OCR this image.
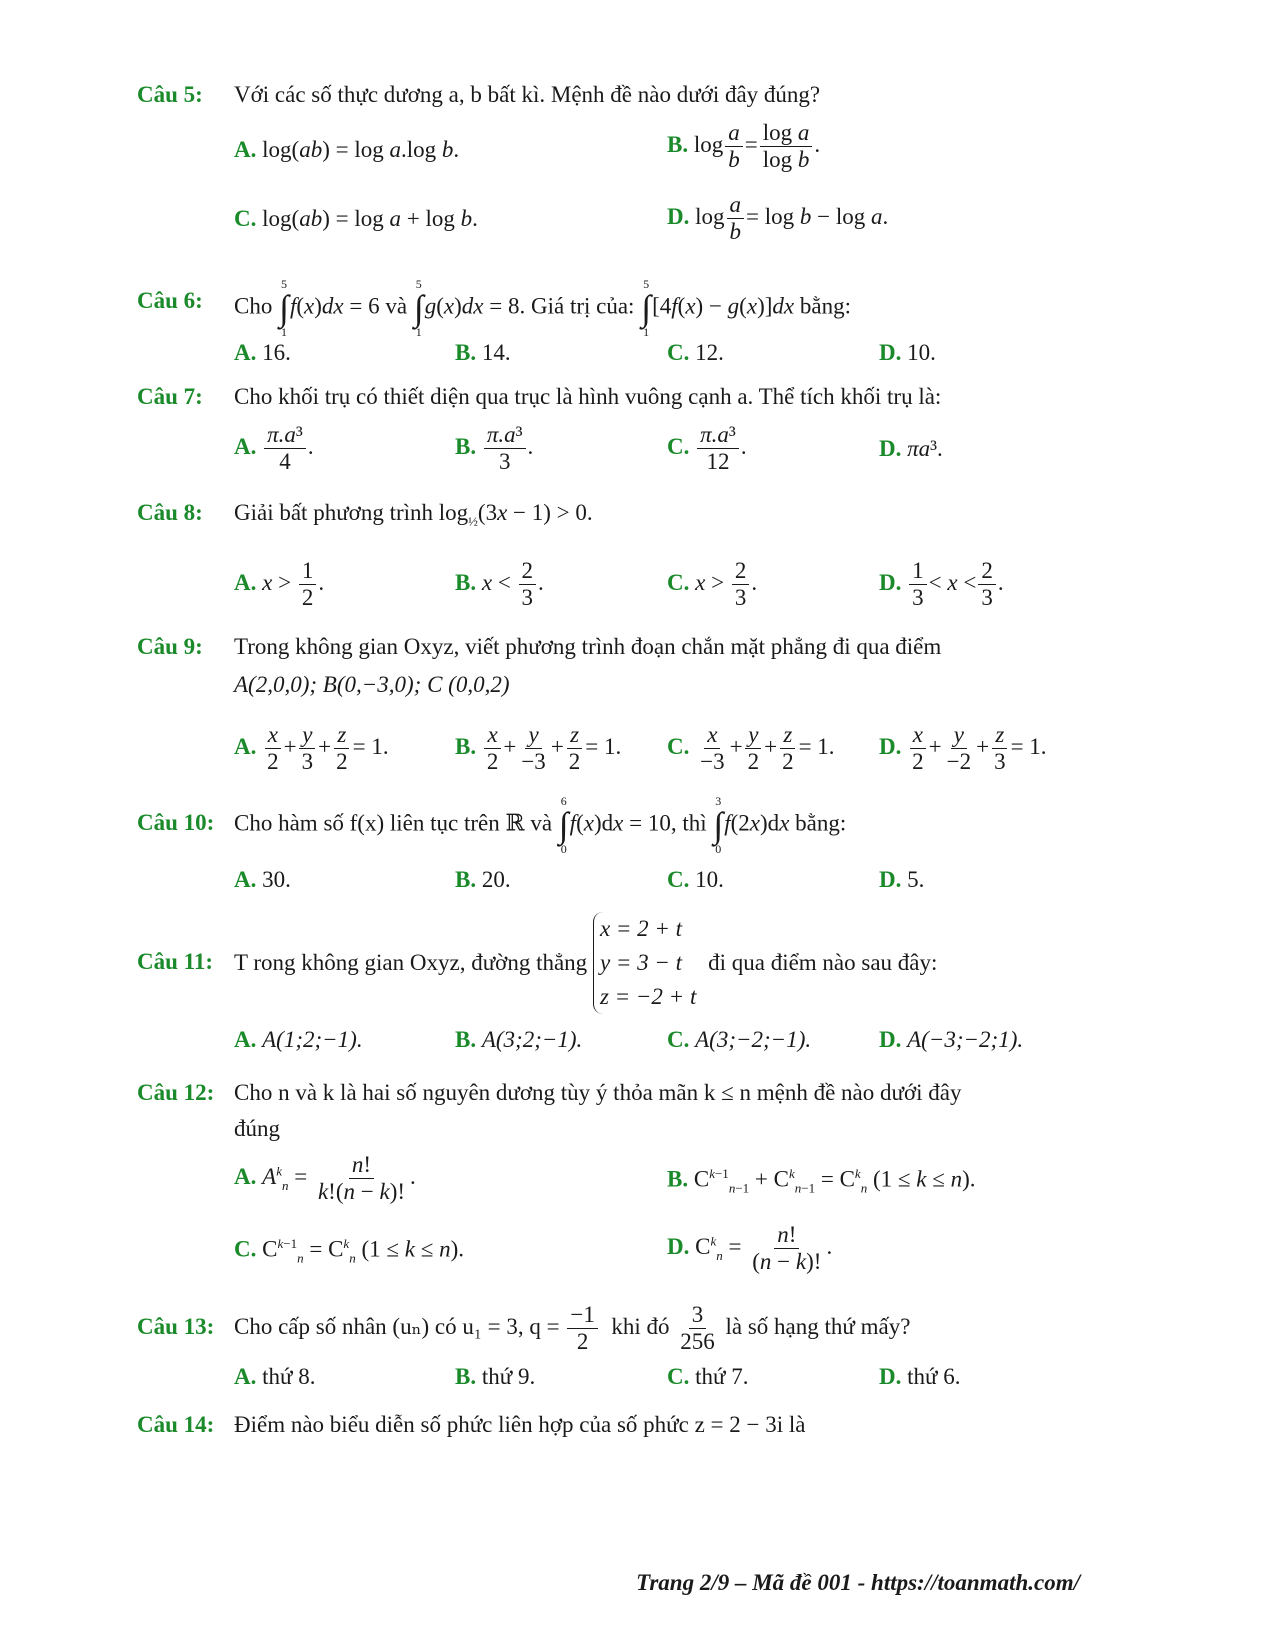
Câu 5: Với các số thực dương a, b bất kì. Mệnh đề nào dưới đây đúng?
A. log(ab) = log a.log b.	B. $\log \frac{a}{b} = \frac{\text{log a}}{\text{log b}}$ .
C. log(ab) = log a + log b.	D. $\log \frac{a}{b} = \log b - \log a$.
Câu 6: Cho
5
∫
1
f(x)dx = 6 và
5
∫
1
g(x)dx = 8. Giá trị của:
5
∫
1
[4f(x) − g(x)]dx bằng:
A. 16.	B. 14.	C. 12.	D. 10.
Câu 7: Cho khối trụ có thiết diện qua trục là hình vuông cạnh a. Thể tích khối trụ là:
A. $\frac{\text{π.a³}}{4}$ .	B. $\frac{\text{π.a³}}{3}$ .	C. $\frac{\text{π.a³}}{12}$ .	D. πa³.
Câu 8: Giải bất phương trình $\log_{\frac{1}{2}}(3x - 1) > 0$.
A. $x > \frac{1}{2}$ .	B. $x < \frac{2}{3}$ .	C. $x > \frac{2}{3}$ .	D. $\frac{1}{3} < x < \frac{2}{3}$ .
Câu 9: Trong không gian Oxyz, viết phương trình đoạn chắn mặt phẳng đi qua điểm
A(2,0,0); B(0,−3,0); C (0,0,2)
A. $\frac{x}{2} + \frac{y}{3} + \frac{z}{2} = 1$.	B. $\frac{x}{2} + \frac{y}{-3} + \frac{z}{2} = 1$. C. $\frac{x}{-3} + \frac{y}{2} + \frac{z}{2} = 1$. D. $\frac{x}{2} + \frac{y}{-2} + \frac{z}{3} = 1$.
Câu 10: Cho hàm số f(x) liên tục trên ℝ và
6
∫
0
f(x)dx = 10, thì
3
∫
0
f(2x)dx bằng:
A. 30.	B. 20.	C. 10.	D. 5.
Câu 11: T rong không gian Oxyz, đường thẳng x = 2 + t
y = 3 − t
z = −2 + t đi qua điểm nào sau đây:
A. A(1;2;−1).	B. A(3;2;−1).	C. A(3;−2;−1).	D. A(−3;−2;1).
Câu 12: Cho n và k là hai số nguyên dương tùy ý thỏa mãn k ≤ n mệnh đề nào dưới đây
đúng
A. $A^k_n = \frac{n!}{k!(n - k)!}$ .	B. $C^{k-1}_{n-1} + C^k_{n-1} = C^k_n$ (1 ≤ k ≤ n).
C. $C^{k-1}_n = C^k_n$ (1 ≤ k ≤ n).	D. $C^k_n = \frac{n!}{(n - k)!}$ .
Câu 13: Cho cấp số nhân (uₙ) có u₁ = 3, $q = \frac{-1}{2}$ khi đó $\frac{3}{256}$ là số hạng thứ mấy?
A. thứ 8.	B. thứ 9.	C. thứ 7.	D. thứ 6.
Câu 14: Điểm nào biểu diễn số phức liên hợp của số phức z = 2 − 3i là
Trang 2/9 – Mã đề 001 - https://toanmath.com/
